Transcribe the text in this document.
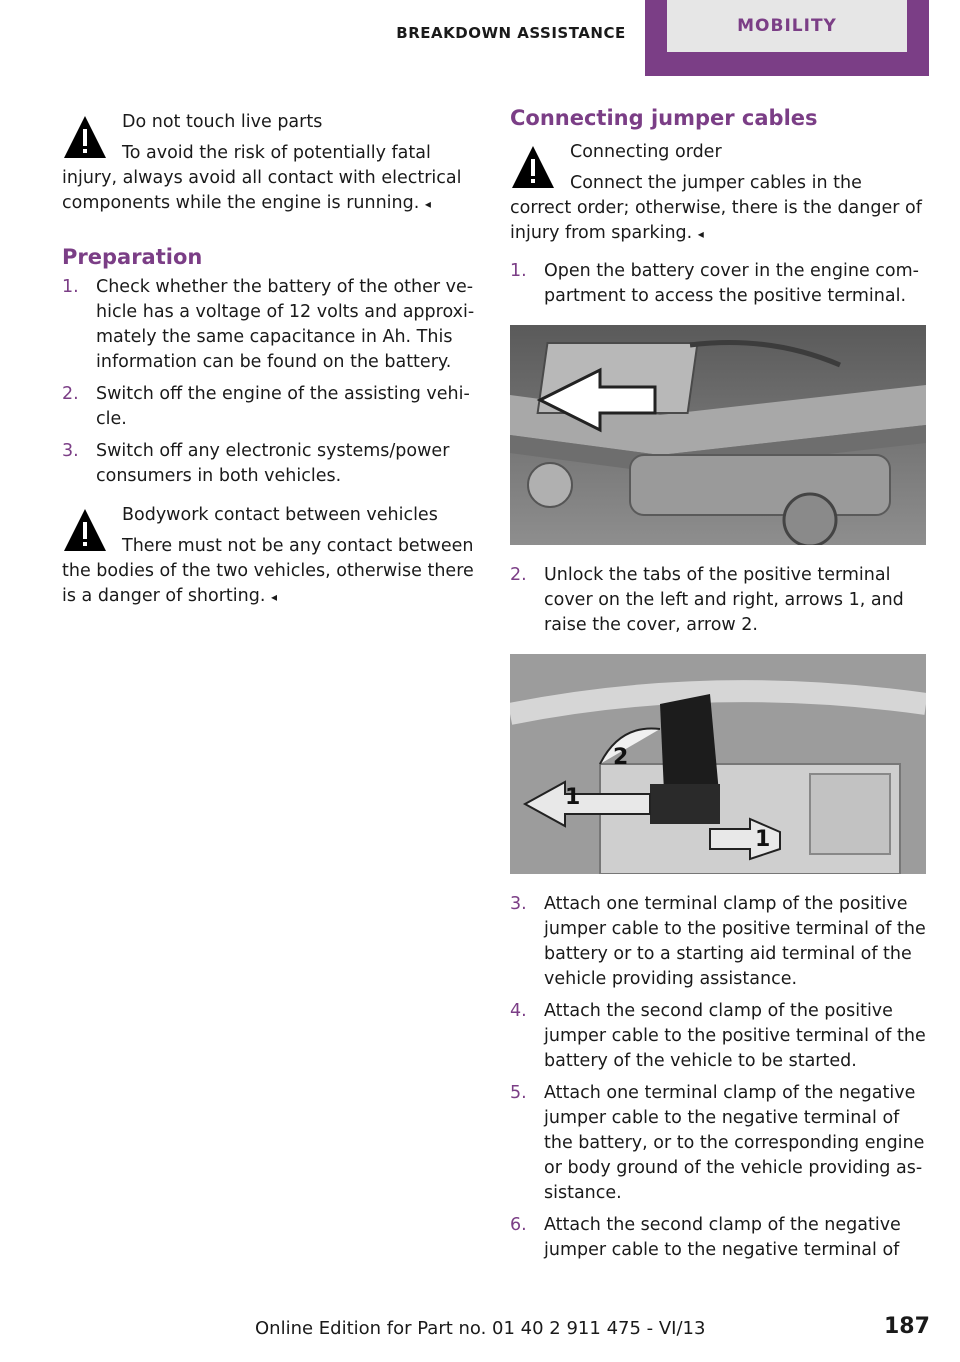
BREAKDOWN ASSISTANCE	MOBILITY

Do not touch live parts

To avoid the risk of potentially fatal injury, always avoid all contact with electrical components while the engine is running. ◂

Preparation
1. Check whether the battery of the other vehicle has a voltage of 12 volts and approximately the same capacitance in Ah. This information can be found on the battery.
2. Switch off the engine of the assisting vehicle.
3. Switch off any electronic systems/power consumers in both vehicles.

Bodywork contact between vehicles

There must not be any contact between the bodies of the two vehicles, otherwise there is a danger of shorting. ◂

Connecting jumper cables

Connecting order

Connect the jumper cables in the correct order; otherwise, there is the danger of injury from sparking. ◂

1. Open the battery cover in the engine compartment to access the positive terminal.
2. Unlock the tabs of the positive terminal cover on the left and right, arrows 1, and raise the cover, arrow 2.
1
1
2
3. Attach one terminal clamp of the positive jumper cable to the positive terminal of the battery or to a starting aid terminal of the vehicle providing assistance.
4. Attach the second clamp of the positive jumper cable to the positive terminal of the battery of the vehicle to be started.
5. Attach one terminal clamp of the negative jumper cable to the negative terminal of the battery, or to the corresponding engine or body ground of the vehicle providing assistance.
6. Attach the second clamp of the negative jumper cable to the negative terminal of
Online Edition for Part no. 01 40 2 911 475 - VI/13	187
